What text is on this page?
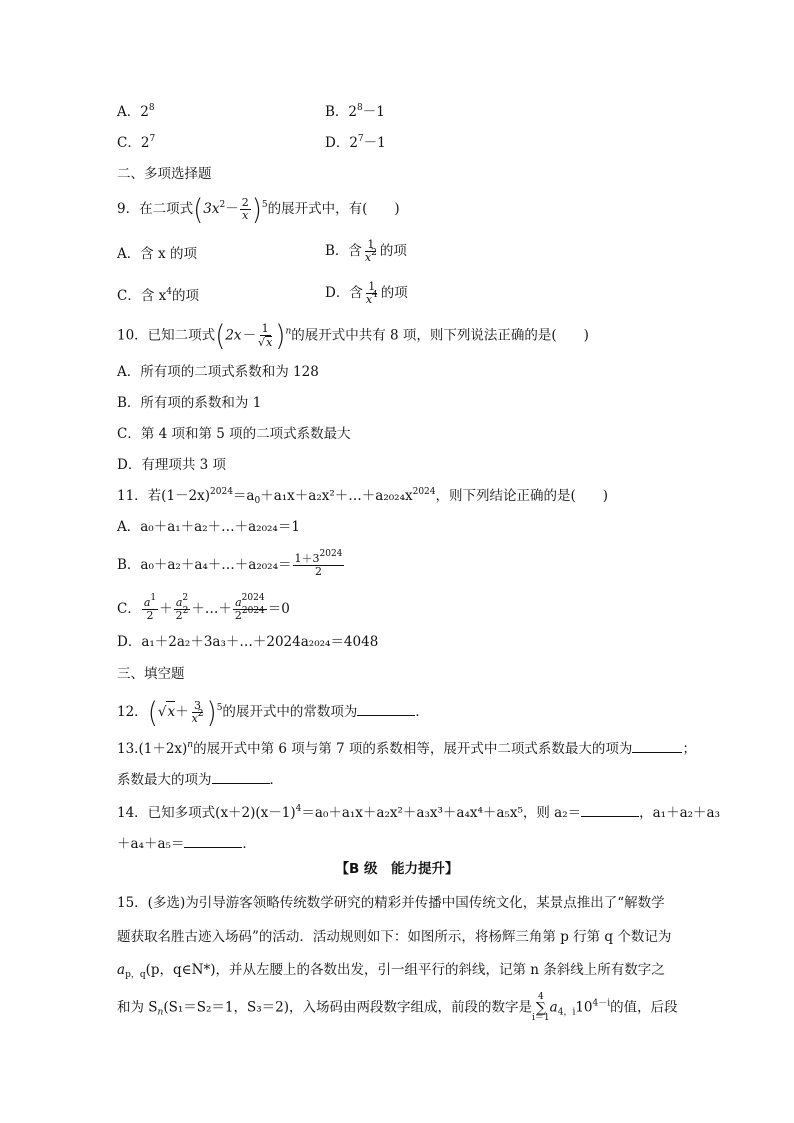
A．$2^8$	B．$2^8-1$
C．$2^7$	D．$2^7-1$
二、多项选择题
9．在二项式$(3x^2- \frac{2}{x} )^5$的展开式中，有(　　)
A．含 x 的项	B．含 $\frac{1}{x^2}$ 的项
C．含 $x^4$的项	D．含 $\frac{1}{x^4}$ 的项
10．已知二项式$(2x- \frac{1}{√x} )^n$的展开式中共有 8 项，则下列说法正确的是(　　)
A．所有项的二项式系数和为 128
B．所有项的系数和为 1
C．第 4 项和第 5 项的二项式系数最大
D．有理项共 3 项
11．若$(1-2x)^{2024}=a_0+a_1x+a_2x^2+\dots+a_{2024}x^{2024}$，则下列结论正确的是(　　)
A．a₀＋a₁＋a₂＋…＋a₂₀₂₄＝1
B．a₀＋a₂＋a₄＋…＋a₂₀₂₄＝ $\frac{1+3^{2024}}{2}$
C． $\frac{a^1}{2} + \frac{a^2}{2^2}$ ＋…＋ $\frac{a^{2024}}{2^{2024}} =0$
D．a₁＋2a₂＋3a₃＋…＋2024a₂₀₂₄＝4048
三、填空题
12．$(√x+ \frac{3}{x^2} )^5$的展开式中的常数项为	．
$13.(1+2x)^n$的展开式中第 6 项与第 7 项的系数相等，展开式中二项式系数最大的项为	；
系数最大的项为	．
14．已知多项式$(x+2)(x-1)^4=a_0+a_1x+a_2x^2+a_3x^3+a_4x^4+a_5x^5$，则 a₂＝	，a₁＋a₂＋a₃
＋a₄＋a₅＝	．
【B 级　能力提升】
15．(多选)为引导游客领略传统数学研究的精彩并传播中国传统文化，某景点推出了“解数学
题获取名胜古迹入场码”的活动．活动规则如下：如图所示，将杨辉三角第 p 行第 q 个数记为
$a_{p,q}(p$，q∈N*)，并从左腰上的各数出发，引一组平行的斜线，记第 n 条斜线上所有数字之
和为 $S_n(S_1=S_2=1$，S₃＝2)，入场码由两段数字组成，前段的数字是
4
∑
i＝1
$a_{4,i}10^{4-i}$的值，后段
